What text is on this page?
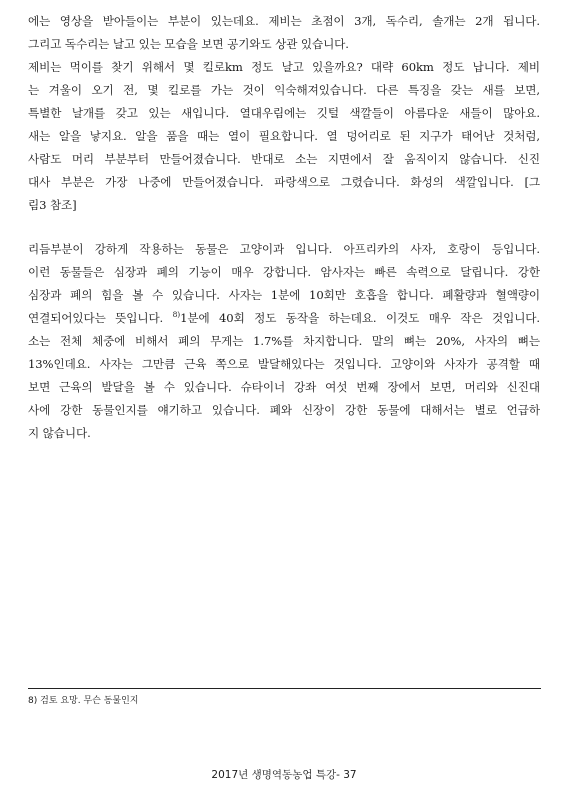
에는 영상을 받아들이는 부분이 있는데요. 제비는 초점이 3개, 독수리, 솔개는 2개 됩니다.
그리고 독수리는 날고 있는 모습을 보면 공기와도 상관 있습니다.
제비는 먹이를 찾기 위해서 몇 킬로km 정도 날고 있을까요? 대략 60km 정도 납니다. 제비
는 겨울이 오기 전, 몇 킬로를 가는 것이 익숙해져있습니다. 다른 특징을 갖는 새를 보면,
특별한 날개를 갖고 있는 새입니다. 열대우림에는 깃털 색깔들이 아름다운 새들이 많아요.
새는 알을 낳지요. 알을 품을 때는 열이 필요합니다. 열 덩어리로 된 지구가 태어난 것처럼,
사람도 머리 부분부터 만들어졌습니다. 반대로 소는 지면에서 잘 움직이지 않습니다. 신진
대사 부분은 가장 나중에 만들어졌습니다. 파랑색으로 그렸습니다. 화성의 색깔입니다. [그
림3 참조]
리듬부분이 강하게 작용하는 동물은 고양이과 입니다. 아프리카의 사자, 호랑이 등입니다.
이런 동물들은 심장과 폐의 기능이 매우 강합니다. 암사자는 빠른 속력으로 달립니다. 강한
심장과 폐의 힘을 볼 수 있습니다. 사자는 1분에 10회만 호흡을 합니다. 폐활량과 혈액량이
연결되어있다는 뜻입니다. $^{8)}$1분에 40회 정도 동작을 하는데요. 이것도 매우 작은 것입니다.
소는 전체 체중에 비해서 폐의 무게는 1.7%를 차지합니다. 말의 뼈는 20%, 사자의 뼈는
13%인데요. 사자는 그만큼 근육 쪽으로 발달해있다는 것입니다. 고양이와 사자가 공격할 때
보면 근육의 발달을 볼 수 있습니다. 슈타이너 강좌 여섯 번째 장에서 보면, 머리와 신진대
사에 강한 동물인지를 얘기하고 있습니다. 폐와 신장이 강한 동물에 대해서는 별로 언급하
지 않습니다.
8) 검토 요망. 무슨 동물인지
2017년 생명역동농업 특강- 37
